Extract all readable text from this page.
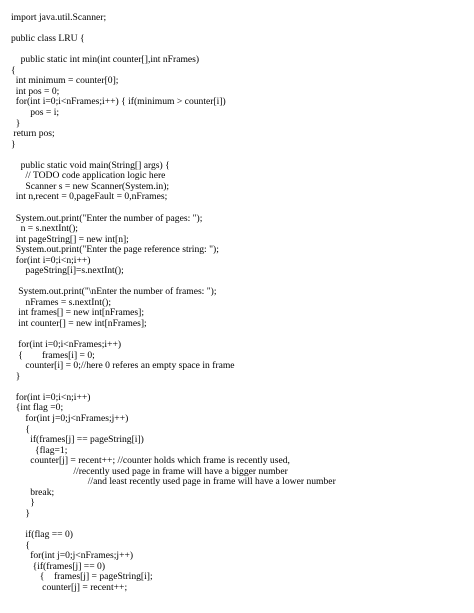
import java.util.Scanner;
public class LRU {
public static int min(int counter[],int nFrames)
{
int minimum = counter[0];
int pos = 0;
for(int i=0;i<nFrames;i++) { if(minimum > counter[i])
pos = i;
}
return pos;
}
public static void main(String[] args) {
// TODO code application logic here
Scanner s = new Scanner(System.in);
int n,recent = 0,pageFault = 0,nFrames;
System.out.print("Enter the number of pages: ");
n = s.nextInt();
int pageString[] = new int[n];
System.out.print("Enter the page reference string: ");
for(int i=0;i<n;i++)
pageString[i]=s.nextInt();
System.out.print("\nEnter the number of frames: ");
nFrames = s.nextInt();
int frames[] = new int[nFrames];
int counter[] = new int[nFrames];
for(int i=0;i<nFrames;i++)
{        frames[i] = 0;
counter[i] = 0;//here 0 referes an empty space in frame
}
for(int i=0;i<n;i++)
{int flag =0;
for(int j=0;j<nFrames;j++)
{
if(frames[j] == pageString[i])
{flag=1;
counter[j] = recent++; //counter holds which frame is recently used,
//recently used page in frame will have a bigger number
//and least recently used page in frame will have a lower number
break;
}
}
if(flag == 0)
{
for(int j=0;j<nFrames;j++)
{if(frames[j] == 0)
{    frames[j] = pageString[i];
counter[j] = recent++;
